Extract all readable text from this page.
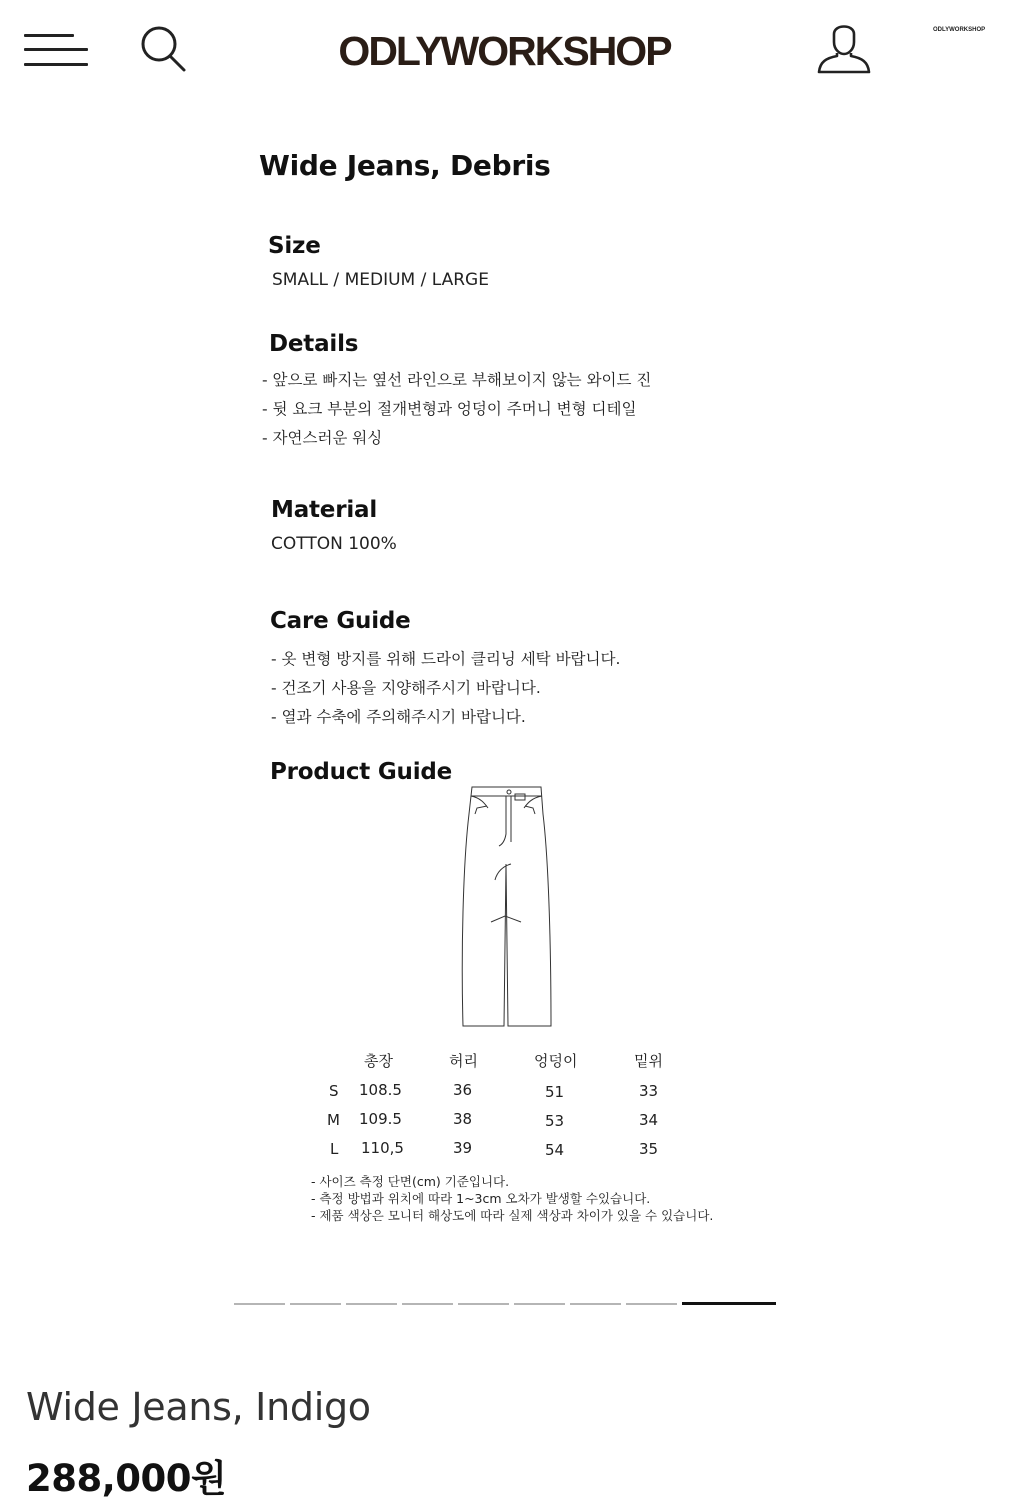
ODLYWORKSHOP	ODLYWORKSHOP
Wide Jeans, Debris
Size
SMALL / MEDIUM / LARGE
Details
- 앞으로 빠지는 옆선 라인으로 부해보이지 않는 와이드 진
- 뒷 요크 부분의 절개변형과 엉덩이 주머니 변형 디테일
- 자연스러운 워싱
Material
COTTON 100%
Care Guide
- 옷 변형 방지를 위해 드라이 클리닝 세탁 바랍니다.
- 건조기 사용을 지양해주시기 바랍니다.
- 열과 수축에 주의해주시기 바랍니다.
Product Guide
총장	허리	엉덩이	밑위
S 108.5	36	51	33
M 109.5	38	53	34
L 110,5	39	54	35
- 사이즈 측정 단면(cm) 기준입니다.
- 측정 방법과 위치에 따라 1~3cm 오차가 발생할 수있습니다.
- 제품 색상은 모니터 해상도에 따라 실제 색상과 차이가 있을 수 있습니다.
Wide Jeans, Indigo
288,000원
